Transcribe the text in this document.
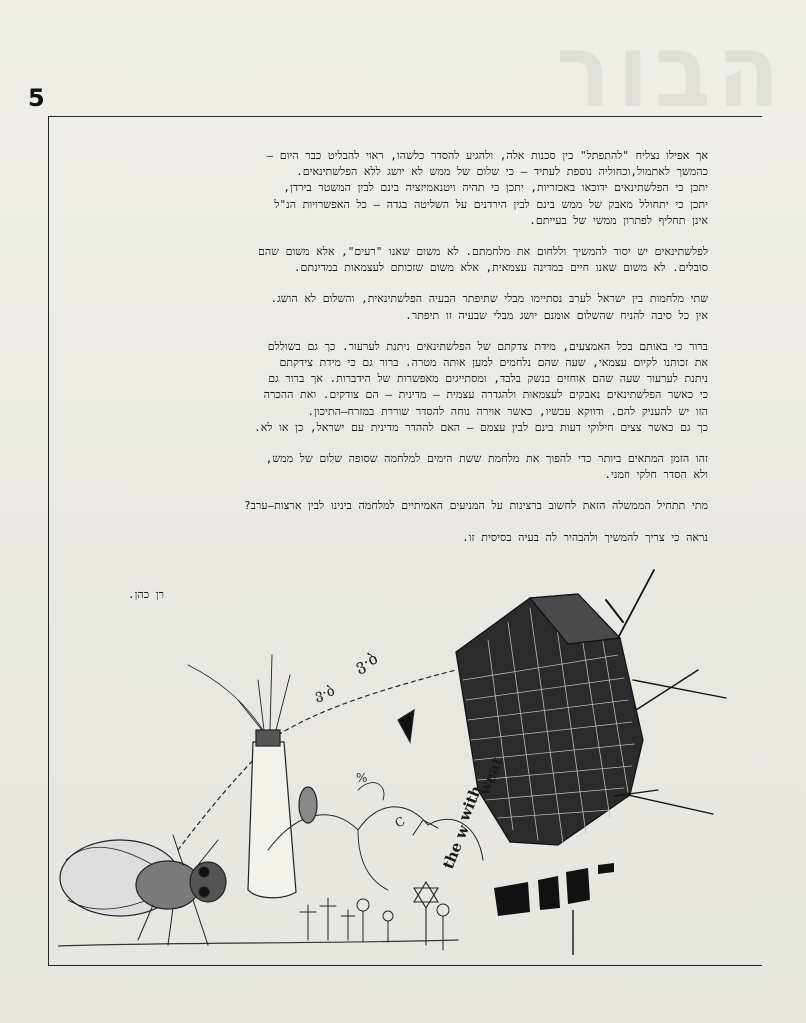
הבור
5

אך אפילו נצליח "להתפתל" בין סכנות אלה, ולהגיע להסדר כלשהו, ראוי להבליט כבר היום –
כהמשך לאתמול,וכחוליה נוספת לעתיד – כי שלום של ממש לא יושג ללא הפלשתינאים.
יתכן כי הפלשתינאים ידוכאו באכזריות, יתכן כי תהיה ויטנאמיזציה בינם לבין המשטר בירדן,
יתכן כי יתחולל מאבק של ממש בינם לבין הירדנים על השליטה בגדה – כל האפשרויות הנ"ל
אינן תחליף לפתרון ממשי של בעייתם.

לפלשתינאים יש יסוד להמשיך וללחום את מלחמתם. לא משום שאנו "רעים", אלא משום שהם
סובלים. לא משום שאנו חיים במדינה עצמאית, אלא משום שזכותם לעצמאות במדינתם.

שתי מלחמות בין ישראל לערב נסתיימו מבלי שתיפתר הבעיה הפלשתינאית, והשלום לא הושג.
אין כל סיבה להניח שהשלום אומנם יושג מבלי שבעיה זו תיפתר.

ברור כי באותם בכל האמצעים, מידת צדקתם של הפלשתינאים ניתנת לערעור. כך גם בשוללם
את זכותנו לקיום עצמאי, שעה שהם נלחמים למען אותה מטרה. ברור גם כי מידת צידקתם
ניתנת לערעור שעה שהם אוחזים בנשק בלבד, ומסתייגים מאפשרות של הידברות. אך ברור גם
כי כאשר הפלשתינאים נאבקים לעצמאות ולהגדרה עצמית – מדינית – הם צודקים. ואת ההכרה
הזו יש להעניק להם. ודווקא עכשיו, כאשר אוירה נוחה להסדר שוררת במזרח–התיכון.
כך גם כאשר צצים חילוקי דעות בינם לבין עצמם – האם לההדר מדינית עם ישראל, כן או לא.

זהו הזמן המתאים ביותר כדי להפוך את מלחמת ששת הימים למלחמה שסופה שלום של ממש,
ולא הסדר חלקי וזמני.

מתי תתחיל הממשלה הזאת לחשוב ברצינות על המניעים האמיתיים למלחמה בינינו לבין ארצות–ערב?

נראה כי צריך להמשיך ולהבהיר לה בעיה בסיסית זו.

רן כהן.
ვ·ბ
ვ·ბ
%
C
the w
with
weat
